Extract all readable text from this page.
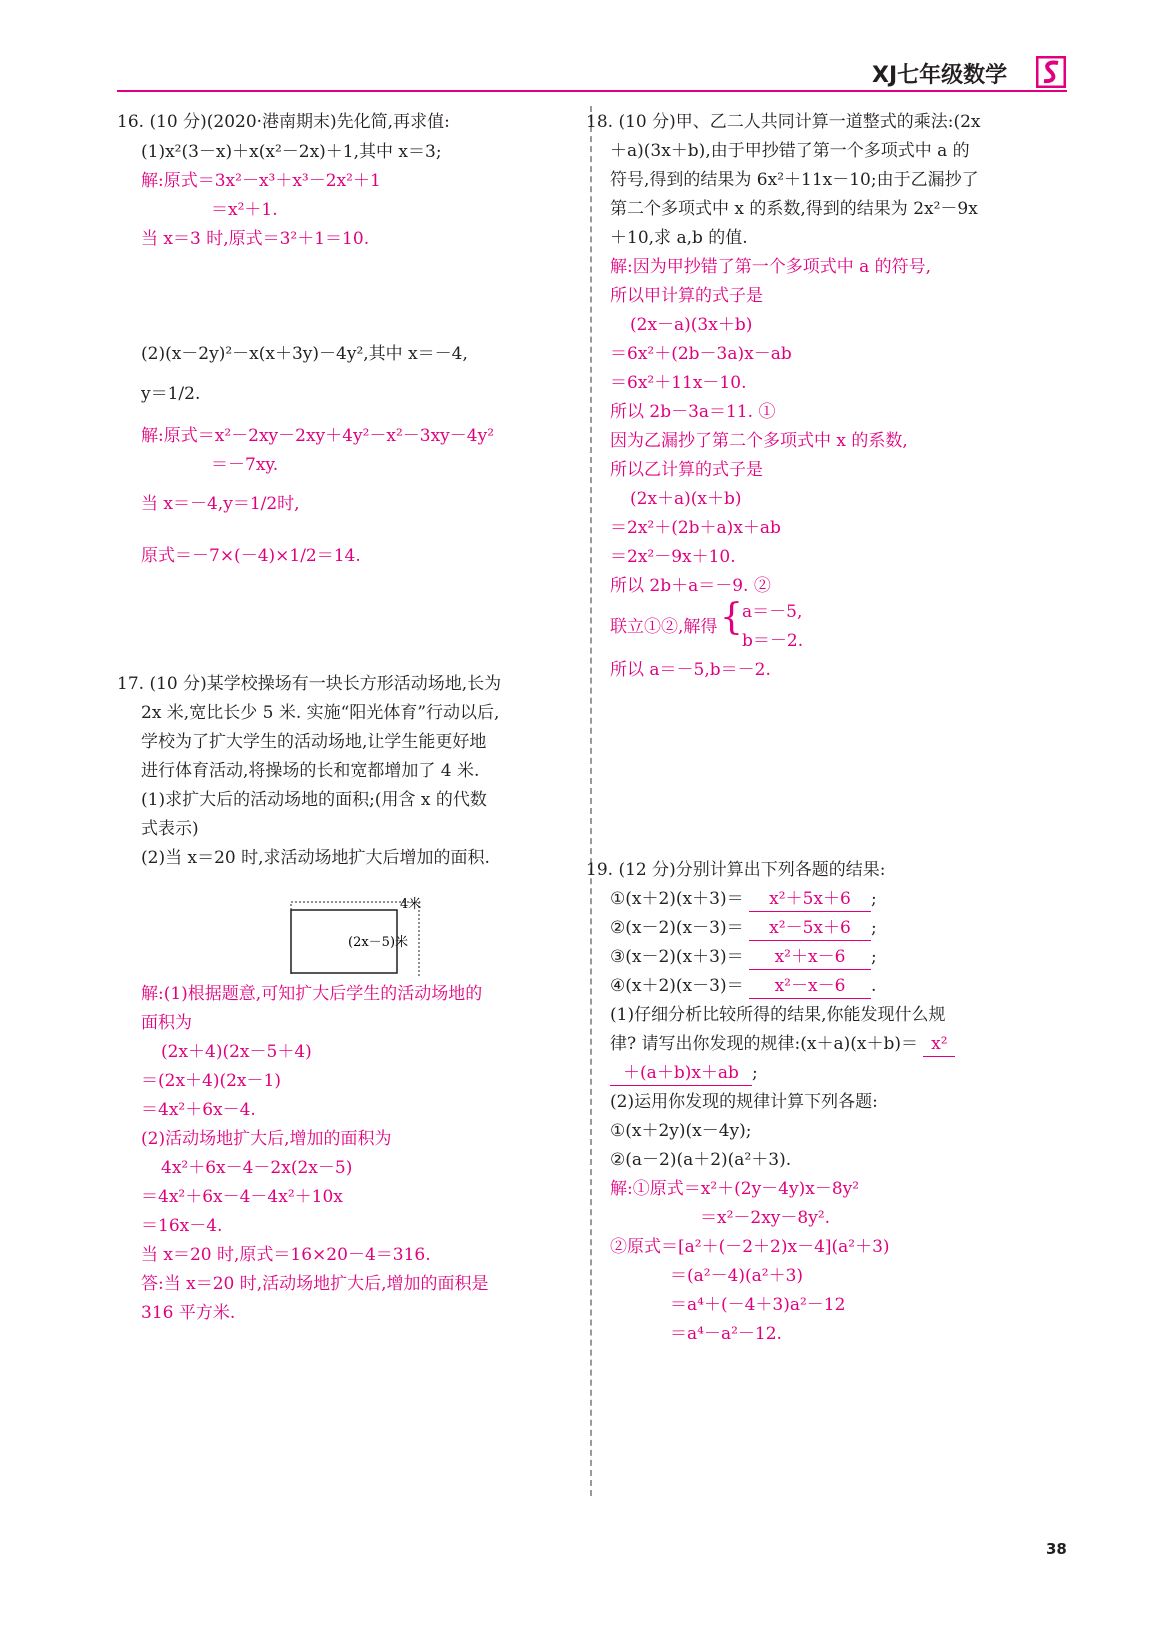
XJ七年级数学
16. (10 分)(2020·港南期末)先化简,再求值:
(1)x²(3－x)＋x(x²－2x)＋1,其中 x＝3;
解:原式＝3x²－x³＋x³－2x²＋1
＝x²＋1.
当 x＝3 时,原式＝3²＋1＝10.
(2)(x－2y)²－x(x＋3y)－4y²,其中 x＝－4,
y＝1/2.
解:原式＝x²－2xy－2xy＋4y²－x²－3xy－4y²
＝－7xy.
当 x＝－4,y＝1/2时,
原式＝－7×(－4)×1/2＝14.
17. (10 分)某学校操场有一块长方形活动场地,长为
2x 米,宽比长少 5 米. 实施“阳光体育”行动以后,
学校为了扩大学生的活动场地,让学生能更好地
进行体育活动,将操场的长和宽都增加了 4 米.
(1)求扩大后的活动场地的面积;(用含 x 的代数
式表示)
(2)当 x＝20 时,求活动场地扩大后增加的面积.
解:(1)根据题意,可知扩大后学生的活动场地的
面积为
(2x＋4)(2x－5＋4)
＝(2x＋4)(2x－1)
＝4x²＋6x－4.
(2)活动场地扩大后,增加的面积为
4x²＋6x－4－2x(2x－5)
＝4x²＋6x－4－4x²＋10x
＝16x－4.
当 x＝20 时,原式＝16×20－4＝316.
答:当 x＝20 时,活动场地扩大后,增加的面积是
316 平方米.
4米
(2x－5)米
18. (10 分)甲、乙二人共同计算一道整式的乘法:(2x
＋a)(3x＋b),由于甲抄错了第一个多项式中 a 的
符号,得到的结果为 6x²＋11x－10;由于乙漏抄了
第二个多项式中 x 的系数,得到的结果为 2x²－9x
＋10,求 a,b 的值.
解:因为甲抄错了第一个多项式中 a 的符号,
所以甲计算的式子是
(2x－a)(3x＋b)
＝6x²＋(2b－3a)x－ab
＝6x²＋11x－10.
所以 2b－3a＝11. ①
因为乙漏抄了第二个多项式中 x 的系数,
所以乙计算的式子是
(2x＋a)(x＋b)
＝2x²＋(2b＋a)x＋ab
＝2x²－9x＋10.
所以 2b＋a＝－9. ②
联立①②,解得 { a＝－5,
b＝－2.
所以 a＝－5,b＝－2.
19. (12 分)分别计算出下列各题的结果:
①(x＋2)(x＋3)＝ x²＋5x＋6 ;
②(x－2)(x－3)＝ x²－5x＋6 ;
③(x－2)(x＋3)＝ x²＋x－6 ;
④(x＋2)(x－3)＝ x²－x－6 .
(1)仔细分析比较所得的结果,你能发现什么规
律? 请写出你发现的规律:(x＋a)(x＋b)＝ x²
＋(a＋b)x＋ab ;
(2)运用你发现的规律计算下列各题:
①(x＋2y)(x－4y);
②(a－2)(a＋2)(a²＋3).
解:①原式＝x²＋(2y－4y)x－8y²
＝x²－2xy－8y².
②原式＝[a²＋(－2＋2)x－4](a²＋3)
＝(a²－4)(a²＋3)
＝a⁴＋(－4＋3)a²－12
＝a⁴－a²－12.
38
